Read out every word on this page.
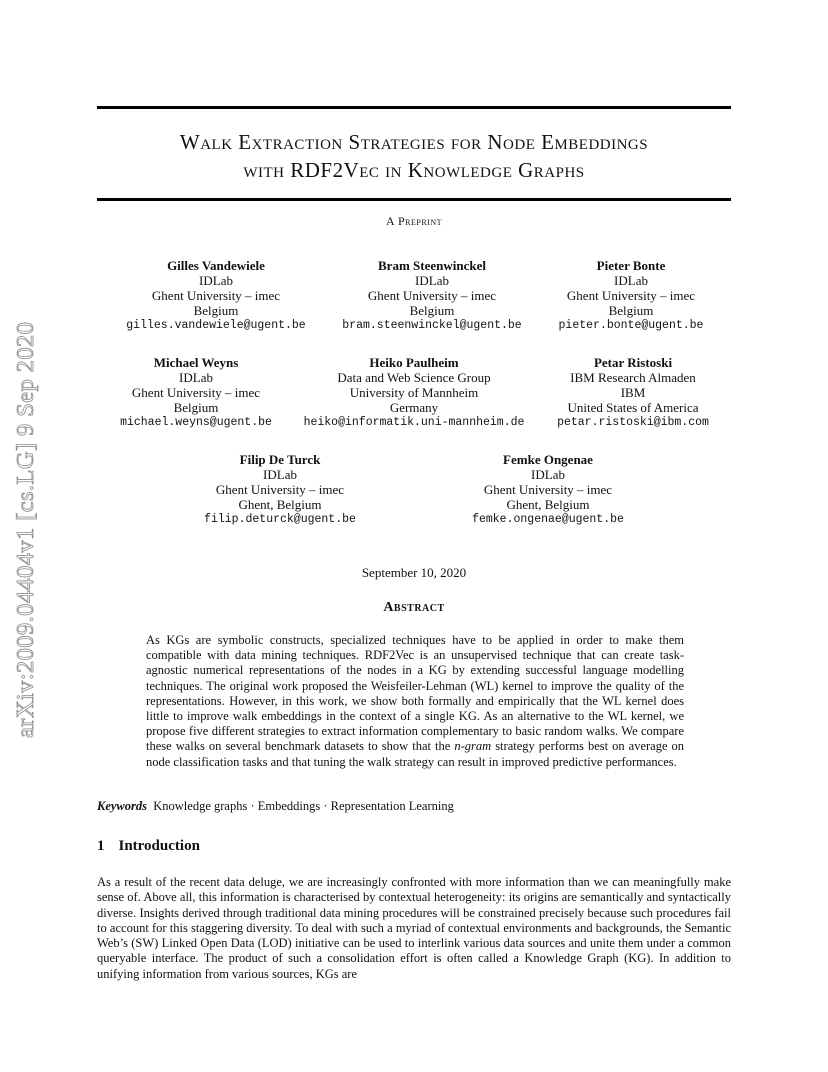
Walk Extraction Strategies for Node Embeddings
with RDF2Vec in Knowledge Graphs
A Preprint
arXiv:2009.04404v1 [cs.LG] 9 Sep 2020
Gilles Vandewiele
IDLab
Ghent University – imec
Belgium
gilles.vandewiele@ugent.be
Bram Steenwinckel
IDLab
Ghent University – imec
Belgium
bram.steenwinckel@ugent.be
Pieter Bonte
IDLab
Ghent University – imec
Belgium
pieter.bonte@ugent.be
Michael Weyns
IDLab
Ghent University – imec
Belgium
michael.weyns@ugent.be
Heiko Paulheim
Data and Web Science Group
University of Mannheim
Germany
heiko@informatik.uni-mannheim.de
Petar Ristoski
IBM Research Almaden
IBM
United States of America
petar.ristoski@ibm.com
Filip De Turck
IDLab
Ghent University – imec
Ghent, Belgium
filip.deturck@ugent.be
Femke Ongenae
IDLab
Ghent University – imec
Ghent, Belgium
femke.ongenae@ugent.be
September 10, 2020
Abstract
As KGs are symbolic constructs, specialized techniques have to be applied in order to make them compatible with data mining techniques. RDF2Vec is an unsupervised technique that can create task-agnostic numerical representations of the nodes in a KG by extending successful language modelling techniques. The original work proposed the Weisfeiler-Lehman (WL) kernel to improve the quality of the representations. However, in this work, we show both formally and empirically that the WL kernel does little to improve walk embeddings in the context of a single KG. As an alternative to the WL kernel, we propose five different strategies to extract information complementary to basic random walks. We compare these walks on several benchmark datasets to show that the n-gram strategy performs best on average on node classification tasks and that tuning the walk strategy can result in improved predictive performances.
Keywords Knowledge graphs · Embeddings · Representation Learning
1 Introduction
As a result of the recent data deluge, we are increasingly confronted with more information than we can meaningfully make sense of. Above all, this information is characterised by contextual heterogeneity: its origins are semantically and syntactically diverse. Insights derived through traditional data mining procedures will be constrained precisely because such procedures fail to account for this staggering diversity. To deal with such a myriad of contextual environments and backgrounds, the Semantic Web’s (SW) Linked Open Data (LOD) initiative can be used to interlink various data sources and unite them under a common queryable interface. The product of such a consolidation effort is often called a Knowledge Graph (KG). In addition to unifying information from various sources, KGs are
